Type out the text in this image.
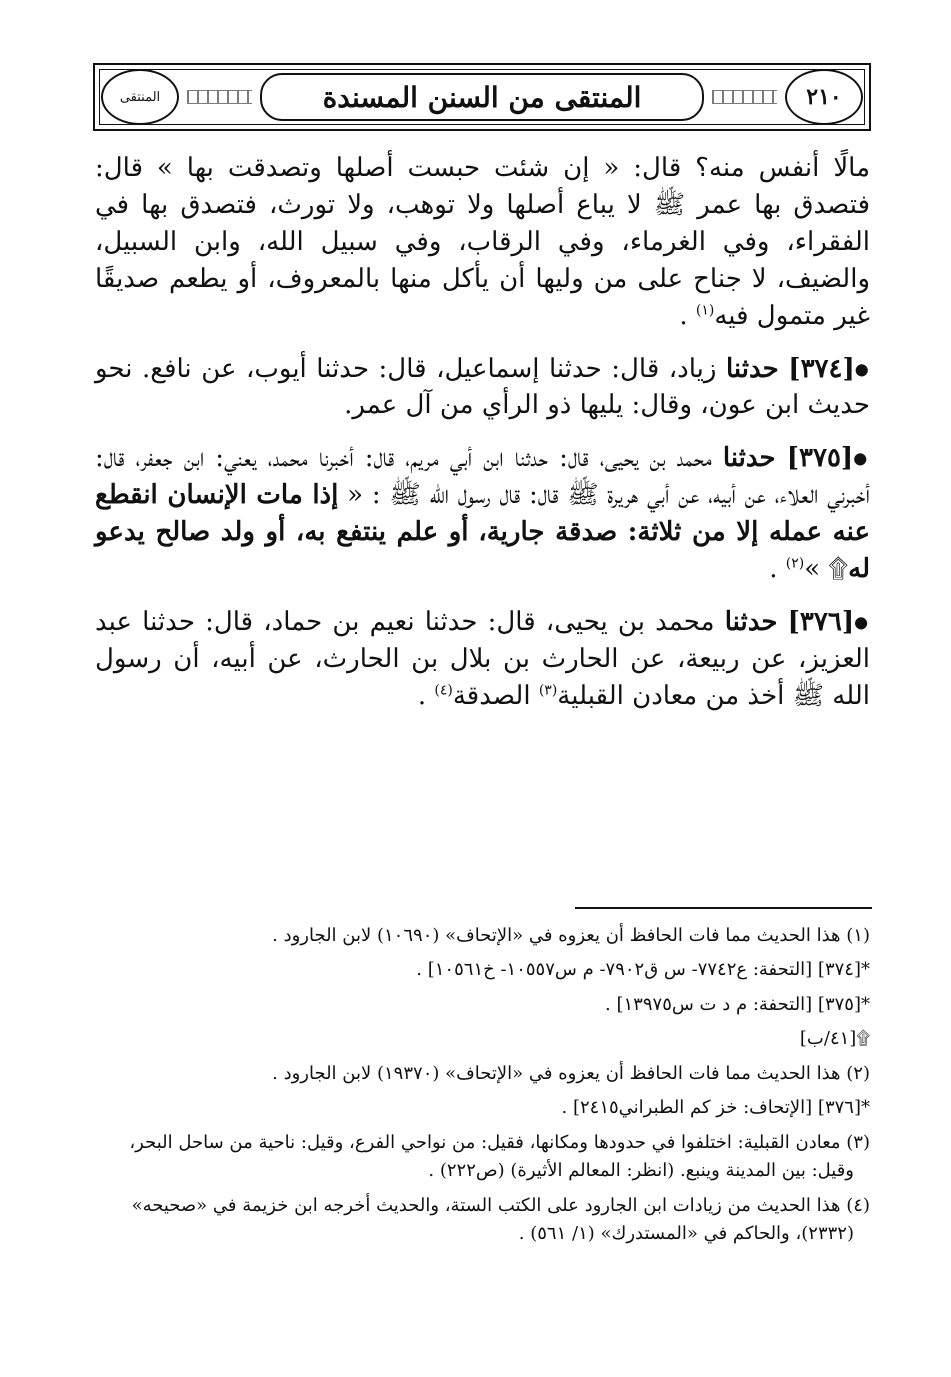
المنتقى	المنتقى من السنن المسندة	٢١٠

مالًا أنفس منه؟ قال: « إن شئت حبست أصلها وتصدقت بها » قال: فتصدق بها عمر ﷺ لا يباع أصلها ولا توهب، ولا تورث، فتصدق بها في الفقراء، وفي الغرماء، وفي الرقاب، وفي سبيل الله، وابن السبيل، والضيف، لا جناح على من وليها أن يأكل منها بالمعروف، أو يطعم صديقًا غير متمول فيه$^{(١)}$ .

●[٣٧٤] حدثنا زياد، قال: حدثنا إسماعيل، قال: حدثنا أيوب، عن نافع. نحو حديث ابن عون، وقال: يليها ذو الرأي من آل عمر.

●[٣٧٥] حدثنا محمد بن يحيى، قال: حدثنا ابن أبي مريم، قال: أخبرنا محمد، يعني: ابن جعفر، قال: أخبرني العلاء، عن أبيه، عن أبي هريرة ﷺ قال: قال رسول الله ﷺ : « إذا مات الإنسان انقطع عنه عمله إلا من ثلاثة: صدقة جارية، أو علم ينتفع به، أو ولد صالح يدعو له۩ »$^{(٢)}$ .

●[٣٧٦] حدثنا محمد بن يحيى، قال: حدثنا نعيم بن حماد، قال: حدثنا عبد العزيز، عن ربيعة، عن الحارث بن بلال بن الحارث، عن أبيه، أن رسول الله ﷺ أخذ من معادن القبلية$^{(٣)}$ الصدقة$^{(٤)}$ .

(١) هذا الحديث مما فات الحافظ أن يعزوه في «الإتحاف» (١٠٦٩٠) لابن الجارود .
*[٣٧٤] [التحفة: ع٧٧٤٢- س ق٧٩٠٢- م س١٠٥٥٧- خ١٠٥٦١] .
*[٣٧٥] [التحفة: م د ت س١٣٩٧٥] .
۩[٤١/ب]
(٢) هذا الحديث مما فات الحافظ أن يعزوه في «الإتحاف» (١٩٣٧٠) لابن الجارود .
*[٣٧٦] [الإتحاف: خز كم الطبراني٢٤١٥] .
(٣) معادن القبلية: اختلفوا في حدودها ومكانها، فقيل: من نواحي الفرع، وقيل: ناحية من ساحل البحر،
وقيل: بين المدينة وينبع. (انظر: المعالم الأثيرة) (ص٢٢٢) .
(٤) هذا الحديث من زيادات ابن الجارود على الكتب الستة، والحديث أخرجه ابن خزيمة في «صحيحه»
(٢٣٣٢)، والحاكم في «المستدرك» (١/ ٥٦١) .
